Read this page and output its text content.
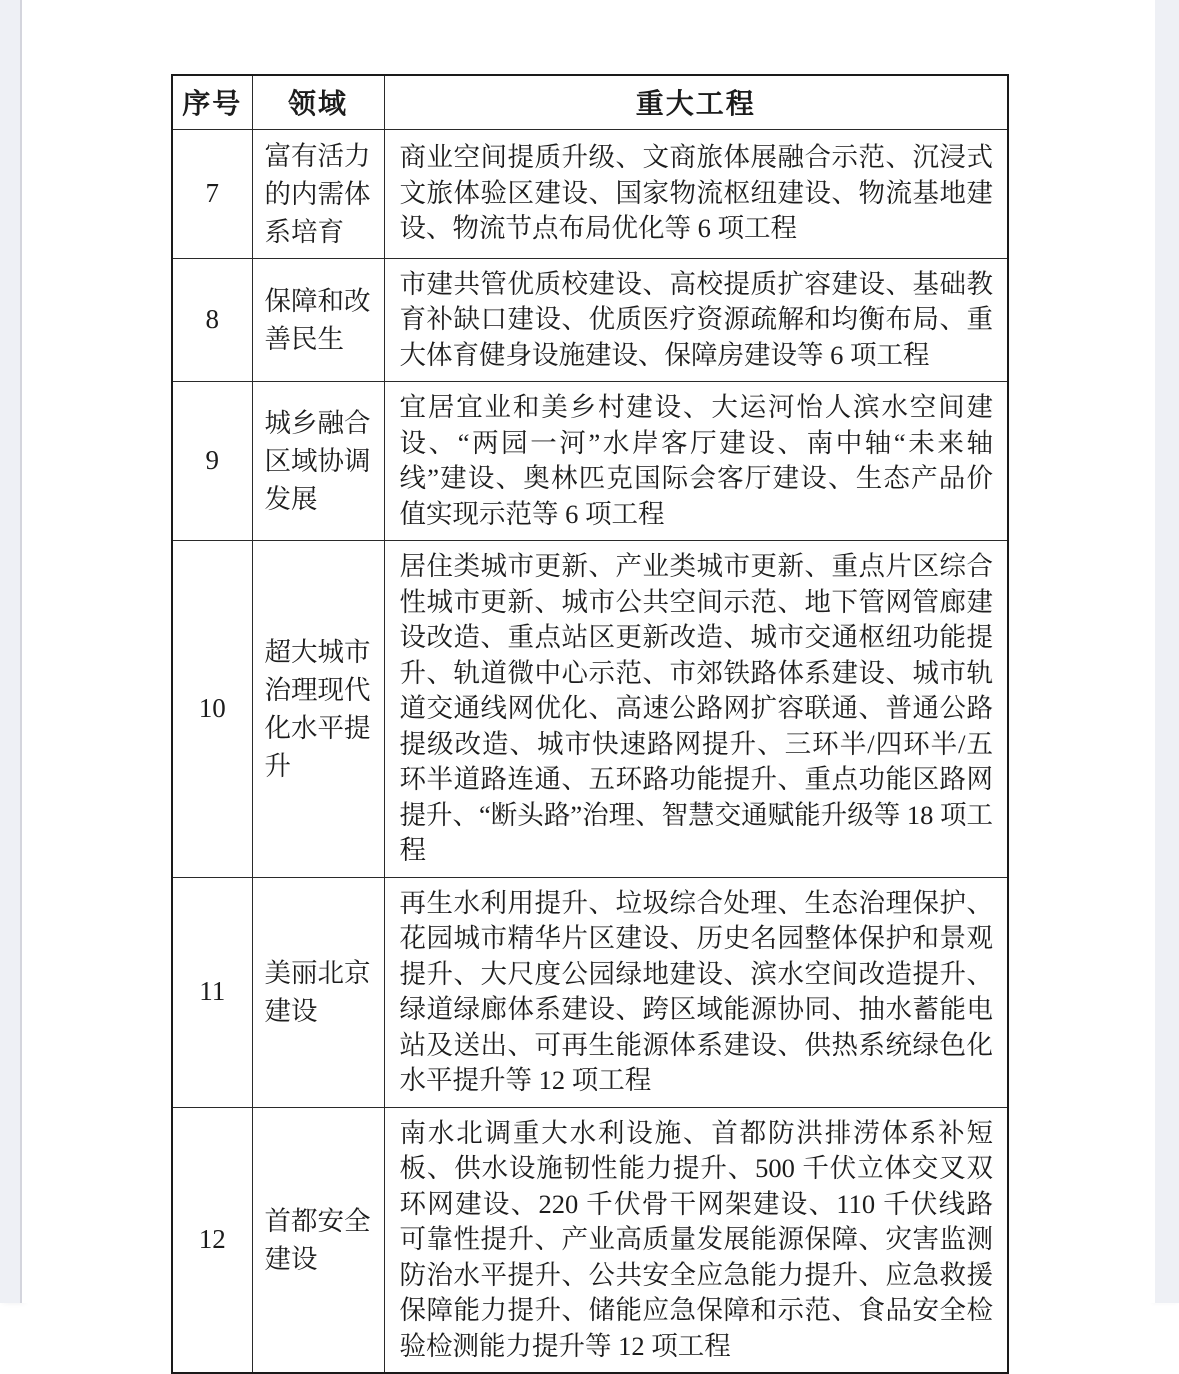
序号	领域	重大工程
7	富有活力的内需体系培育	商业空间提质升级、文商旅体展融合示范、沉浸式文旅体验区建设、国家物流枢纽建设、物流基地建设、物流节点布局优化等 6 项工程
8	保障和改善民生	市建共管优质校建设、高校提质扩容建设、基础教育补缺口建设、优质医疗资源疏解和均衡布局、重大体育健身设施建设、保障房建设等 6 项工程
9	城乡融合区域协调发展	宜居宜业和美乡村建设、大运河怡人滨水空间建设、“两园一河”水岸客厅建设、南中轴“未来轴线”建设、奥林匹克国际会客厅建设、生态产品价值实现示范等 6 项工程
10	超大城市治理现代化水平提升	居住类城市更新、产业类城市更新、重点片区综合性城市更新、城市公共空间示范、地下管网管廊建设改造、重点站区更新改造、城市交通枢纽功能提升、轨道微中心示范、市郊铁路体系建设、城市轨道交通线网优化、高速公路网扩容联通、普通公路提级改造、城市快速路网提升、三环半/四环半/五环半道路连通、五环路功能提升、重点功能区路网提升、“断头路”治理、智慧交通赋能升级等 18 项工程
11	美丽北京建设	再生水利用提升、垃圾综合处理、生态治理保护、花园城市精华片区建设、历史名园整体保护和景观提升、大尺度公园绿地建设、滨水空间改造提升、绿道绿廊体系建设、跨区域能源协同、抽水蓄能电站及送出、可再生能源体系建设、供热系统绿色化水平提升等 12 项工程
12	首都安全建设	南水北调重大水利设施、首都防洪排涝体系补短板、供水设施韧性能力提升、500 千伏立体交叉双环网建设、220 千伏骨干网架建设、110 千伏线路可靠性提升、产业高质量发展能源保障、灾害监测防治水平提升、公共安全应急能力提升、应急救援保障能力提升、储能应急保障和示范、食品安全检验检测能力提升等 12 项工程
